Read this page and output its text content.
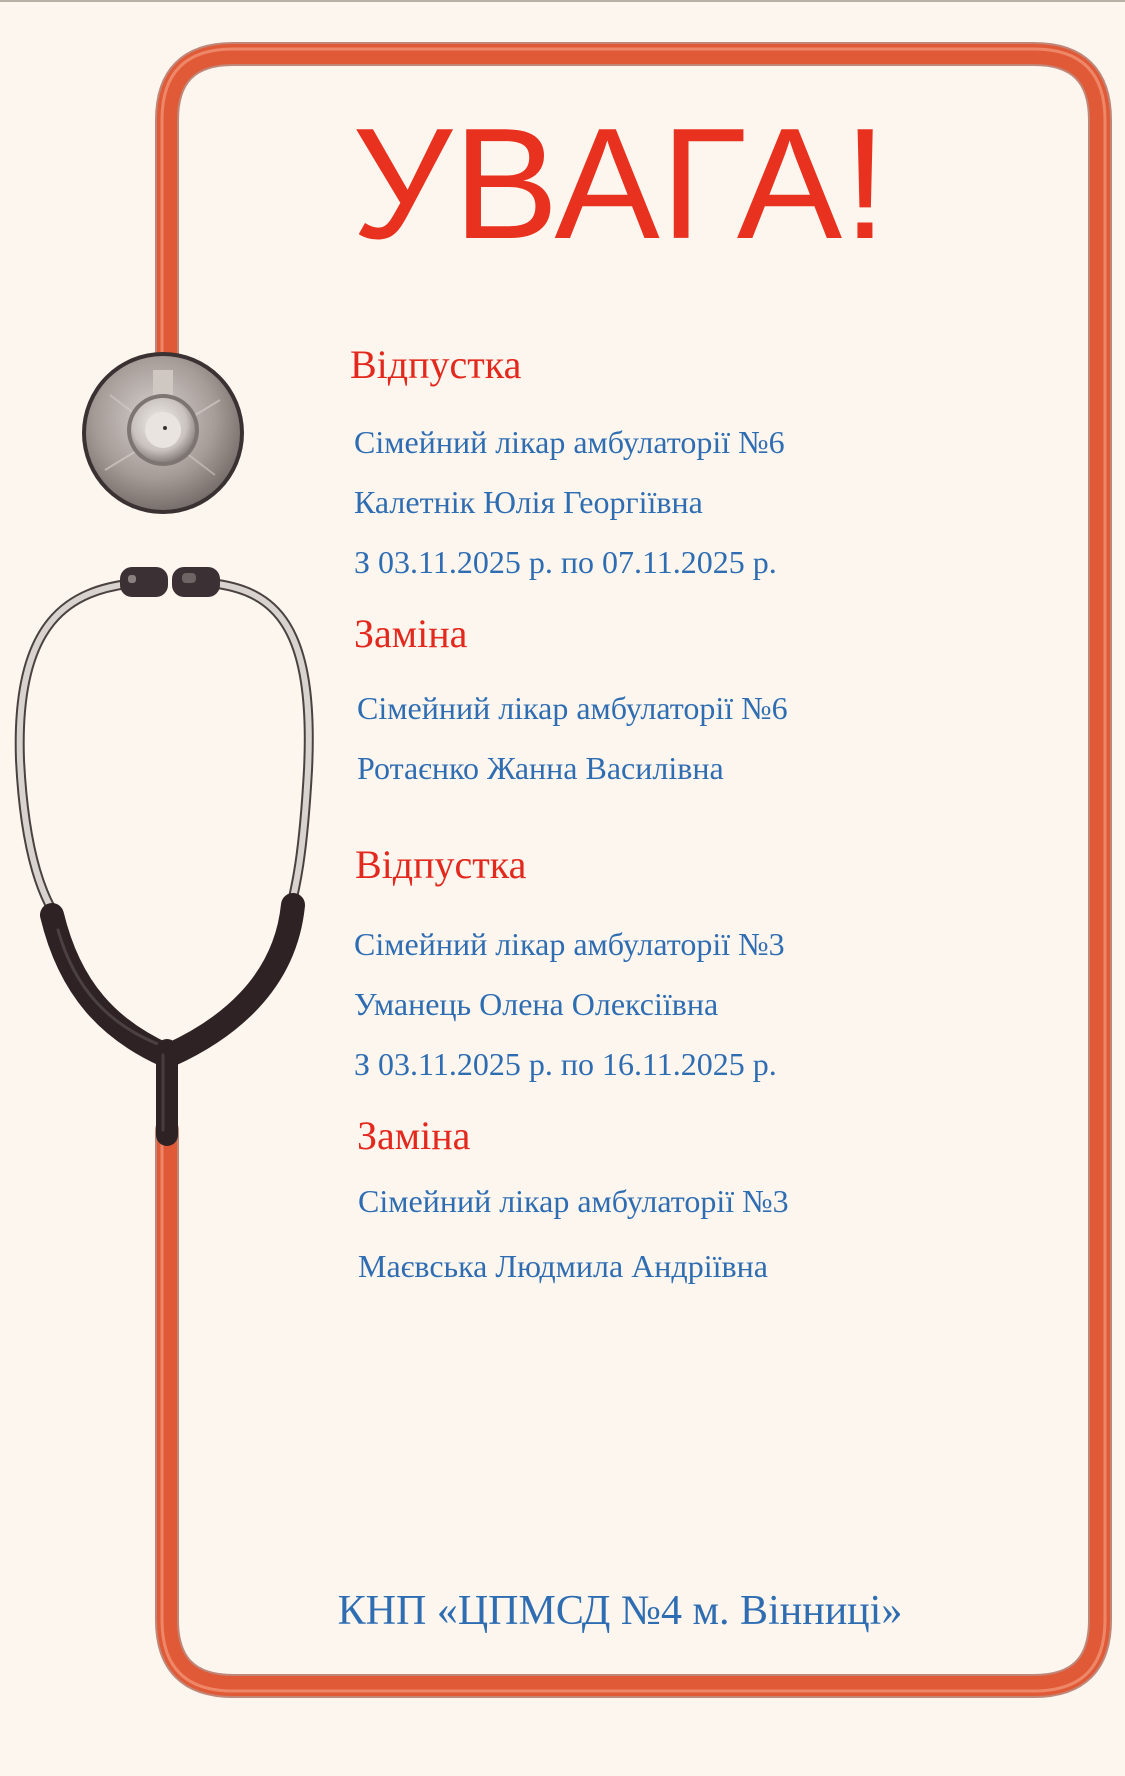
УВАГА!
Відпустка
Сімейний лікар амбулаторії №6
Калетнік Юлія Георгіївна
З 03.11.2025 р. по 07.11.2025 р.
Заміна
Сімейний лікар амбулаторії №6
Ротаєнко Жанна Василівна
Відпустка
Сімейний лікар амбулаторії №3
Уманець Олена Олексіївна
З 03.11.2025 р. по 16.11.2025 р.
Заміна
Сімейний лікар амбулаторії №3
Маєвська Людмила Андріївна
КНП «ЦПМСД №4 м. Вінниці»
